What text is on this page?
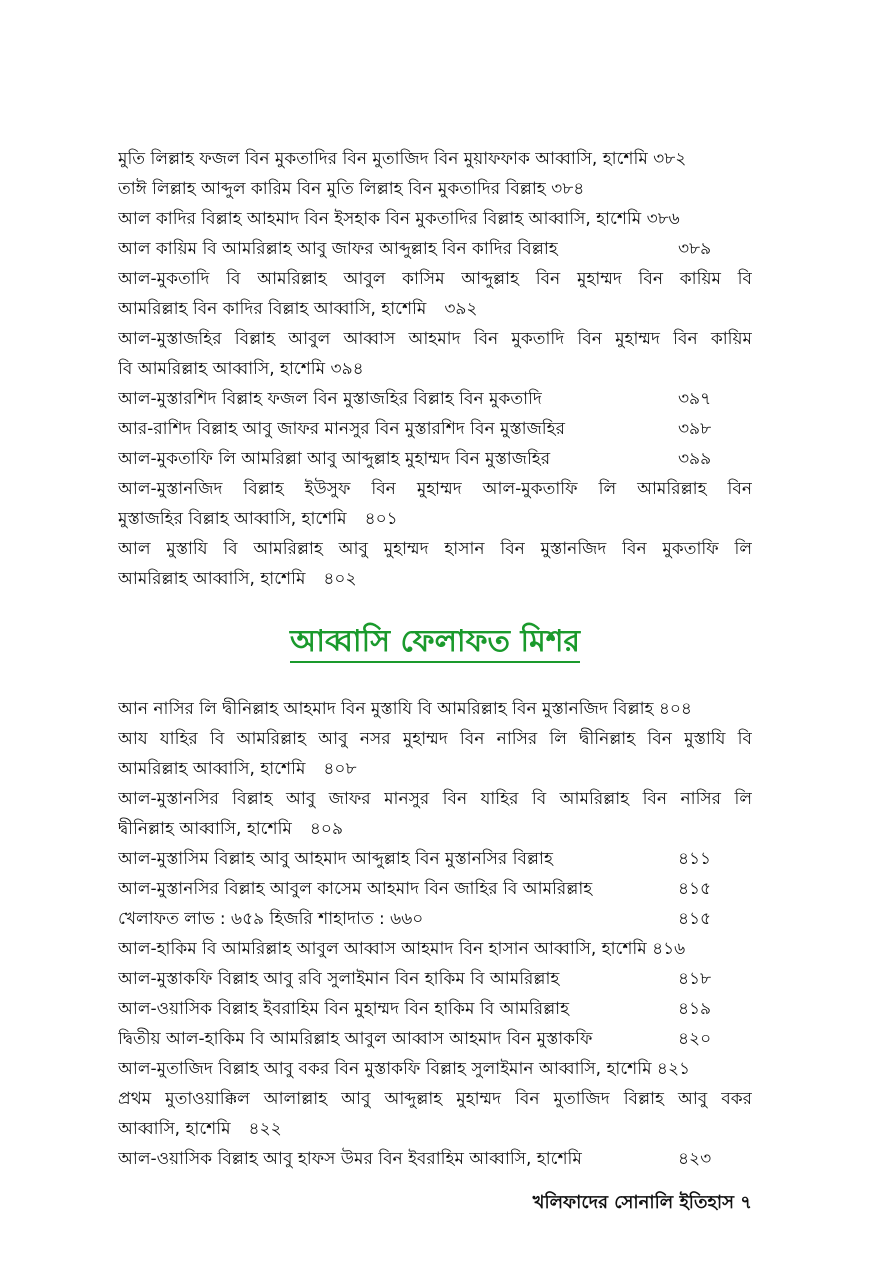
মুতি লিল্লাহ ফজল বিন মুকতাদির বিন মুতাজিদ বিন মুয়াফফাক আব্বাসি, হাশেমি ৩৮২
তাঈ লিল্লাহ আব্দুল কারিম বিন মুতি লিল্লাহ বিন মুকতাদির বিল্লাহ ৩৮৪
আল কাদির বিল্লাহ আহমাদ বিন ইসহাক বিন মুকতাদির বিল্লাহ আব্বাসি, হাশেমি ৩৮৬
আল কায়িম বি আমরিল্লাহ আবু জাফর আব্দুল্লাহ বিন কাদির বিল্লাহ	৩৮৯
আল-মুকতাদি বি আমরিল্লাহ আবুল কাসিম আব্দুল্লাহ বিন মুহাম্মদ বিন কায়িম বি
আমরিল্লাহ বিন কাদির বিল্লাহ আব্বাসি, হাশেমি ৩৯২
আল-মুস্তাজহির বিল্লাহ আবুল আব্বাস আহমাদ বিন মুকতাদি বিন মুহাম্মদ বিন কায়িম
বি আমরিল্লাহ আব্বাসি, হাশেমি ৩৯৪
আল-মুস্তারশিদ বিল্লাহ ফজল বিন মুস্তাজহির বিল্লাহ বিন মুকতাদি	৩৯৭
আর-রাশিদ বিল্লাহ আবু জাফর মানসুর বিন মুস্তারশিদ বিন মুস্তাজহির	৩৯৮
আল-মুকতাফি লি আমরিল্লা আবু আব্দুল্লাহ মুহাম্মদ বিন মুস্তাজহির	৩৯৯
আল-মুস্তানজিদ বিল্লাহ ইউসুফ বিন মুহাম্মদ আল-মুকতাফি লি আমরিল্লাহ বিন
মুস্তাজহির বিল্লাহ আব্বাসি, হাশেমি ৪০১
আল মুস্তাযি বি আমরিল্লাহ আবু মুহাম্মদ হাসান বিন মুস্তানজিদ বিন মুকতাফি লি
আমরিল্লাহ আব্বাসি, হাশেমি ৪০২
আব্বাসি ফেলাফত মিশর
আন নাসির লি দ্বীনিল্লাহ আহমাদ বিন মুস্তাযি বি আমরিল্লাহ বিন মুস্তানজিদ বিল্লাহ ৪০৪
আয যাহির বি আমরিল্লাহ আবু নসর মুহাম্মদ বিন নাসির লি দ্বীনিল্লাহ বিন মুস্তাযি বি
আমরিল্লাহ আব্বাসি, হাশেমি ৪০৮
আল-মুস্তানসির বিল্লাহ আবু জাফর মানসুর বিন যাহির বি আমরিল্লাহ বিন নাসির লি
দ্বীনিল্লাহ আব্বাসি, হাশেমি ৪০৯
আল-মুস্তাসিম বিল্লাহ আবু আহমাদ আব্দুল্লাহ বিন মুস্তানসির বিল্লাহ	৪১১
আল-মুস্তানসির বিল্লাহ আবুল কাসেম আহমাদ বিন জাহির বি আমরিল্লাহ	৪১৫
খেলাফত লাভ : ৬৫৯ হিজরি শাহাদাত : ৬৬০	৪১৫
আল-হাকিম বি আমরিল্লাহ আবুল আব্বাস আহমাদ বিন হাসান আব্বাসি, হাশেমি ৪১৬
আল-মুস্তাকফি বিল্লাহ আবু রবি সুলাইমান বিন হাকিম বি আমরিল্লাহ	৪১৮
আল-ওয়াসিক বিল্লাহ ইবরাহিম বিন মুহাম্মদ বিন হাকিম বি আমরিল্লাহ	৪১৯
দ্বিতীয় আল-হাকিম বি আমরিল্লাহ আবুল আব্বাস আহমাদ বিন মুস্তাকফি	৪২০
আল-মুতাজিদ বিল্লাহ আবু বকর বিন মুস্তাকফি বিল্লাহ সুলাইমান আব্বাসি, হাশেমি ৪২১
প্রথম মুতাওয়াক্কিল আলাল্লাহ আবু আব্দুল্লাহ মুহাম্মদ বিন মুতাজিদ বিল্লাহ আবু বকর
আব্বাসি, হাশেমি ৪২২
আল-ওয়াসিক বিল্লাহ আবু হাফস উমর বিন ইবরাহিম আব্বাসি, হাশেমি	৪২৩
খলিফাদের সোনালি ইতিহাস ৭
